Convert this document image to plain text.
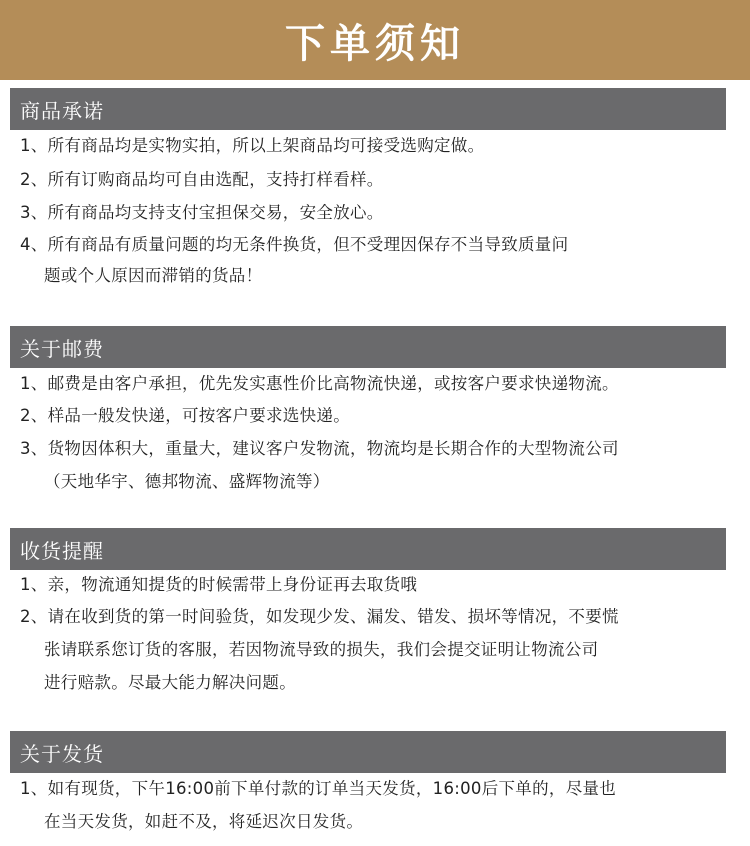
下单须知
商品承诺
1、所有商品均是实物实拍，所以上架商品均可接受选购定做。
2、所有订购商品均可自由选配，支持打样看样。
3、所有商品均支持支付宝担保交易，安全放心。
4、所有商品有质量问题的均无条件换货，但不受理因保存不当导致质量问
题或个人原因而滞销的货品！
关于邮费
1、邮费是由客户承担，优先发实惠性价比高物流快递，或按客户要求快递物流。
2、样品一般发快递，可按客户要求选快递。
3、货物因体积大，重量大，建议客户发物流，物流均是长期合作的大型物流公司
（天地华宇、德邦物流、盛辉物流等）
收货提醒
1、亲，物流通知提货的时候需带上身份证再去取货哦
2、请在收到货的第一时间验货，如发现少发、漏发、错发、损坏等情况，不要慌
张请联系您订货的客服，若因物流导致的损失，我们会提交证明让物流公司
进行赔款。尽最大能力解决问题。
关于发货
1、如有现货，下午16:00前下单付款的订单当天发货，16:00后下单的，尽量也
在当天发货，如赶不及，将延迟次日发货。
